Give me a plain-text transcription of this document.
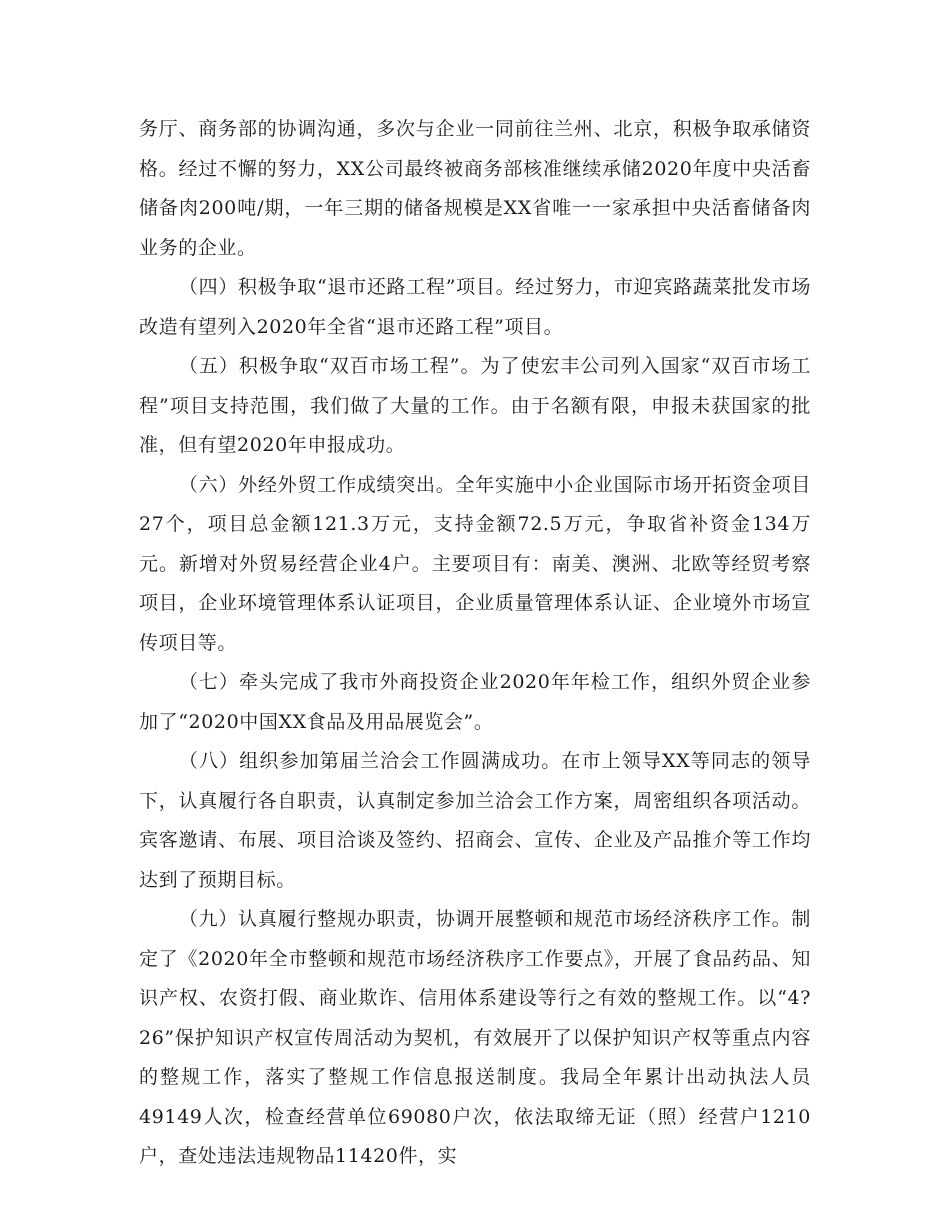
务厅、商务部的协调沟通，多次与企业一同前往兰州、北京，积极争取承储资格。经过不懈的努力，XX公司最终被商务部核准继续承储2020年度中央活畜储备肉200吨/期，一年三期的储备规模是XX省唯一一家承担中央活畜储备肉业务的企业。

（四）积极争取“退市还路工程”项目。经过努力，市迎宾路蔬菜批发市场改造有望列入2020年全省“退市还路工程”项目。

（五）积极争取“双百市场工程”。为了使宏丰公司列入国家“双百市场工程”项目支持范围，我们做了大量的工作。由于名额有限，申报未获国家的批准，但有望2020年申报成功。

（六）外经外贸工作成绩突出。全年实施中小企业国际市场开拓资金项目27个，项目总金额121.3万元，支持金额72.5万元，争取省补资金134万元。新增对外贸易经营企业4户。主要项目有：南美、澳洲、北欧等经贸考察项目，企业环境管理体系认证项目，企业质量管理体系认证、企业境外市场宣传项目等。

（七）牵头完成了我市外商投资企业2020年年检工作，组织外贸企业参加了“2020中国XX食品及用品展览会”。

（八）组织参加第届兰洽会工作圆满成功。在市上领导XX等同志的领导下，认真履行各自职责，认真制定参加兰洽会工作方案，周密组织各项活动。宾客邀请、布展、项目洽谈及签约、招商会、宣传、企业及产品推介等工作均达到了预期目标。

（九）认真履行整规办职责，协调开展整顿和规范市场经济秩序工作。制定了《2020年全市整顿和规范市场经济秩序工作要点》，开展了食品药品、知识产权、农资打假、商业欺诈、信用体系建设等行之有效的整规工作。以“4?26”保护知识产权宣传周活动为契机，有效展开了以保护知识产权等重点内容的整规工作，落实了整规工作信息报送制度。我局全年累计出动执法人员49149人次，检查经营单位69080户次，依法取缔无证（照）经营户1210户，查处违法违规物品11420件，实
